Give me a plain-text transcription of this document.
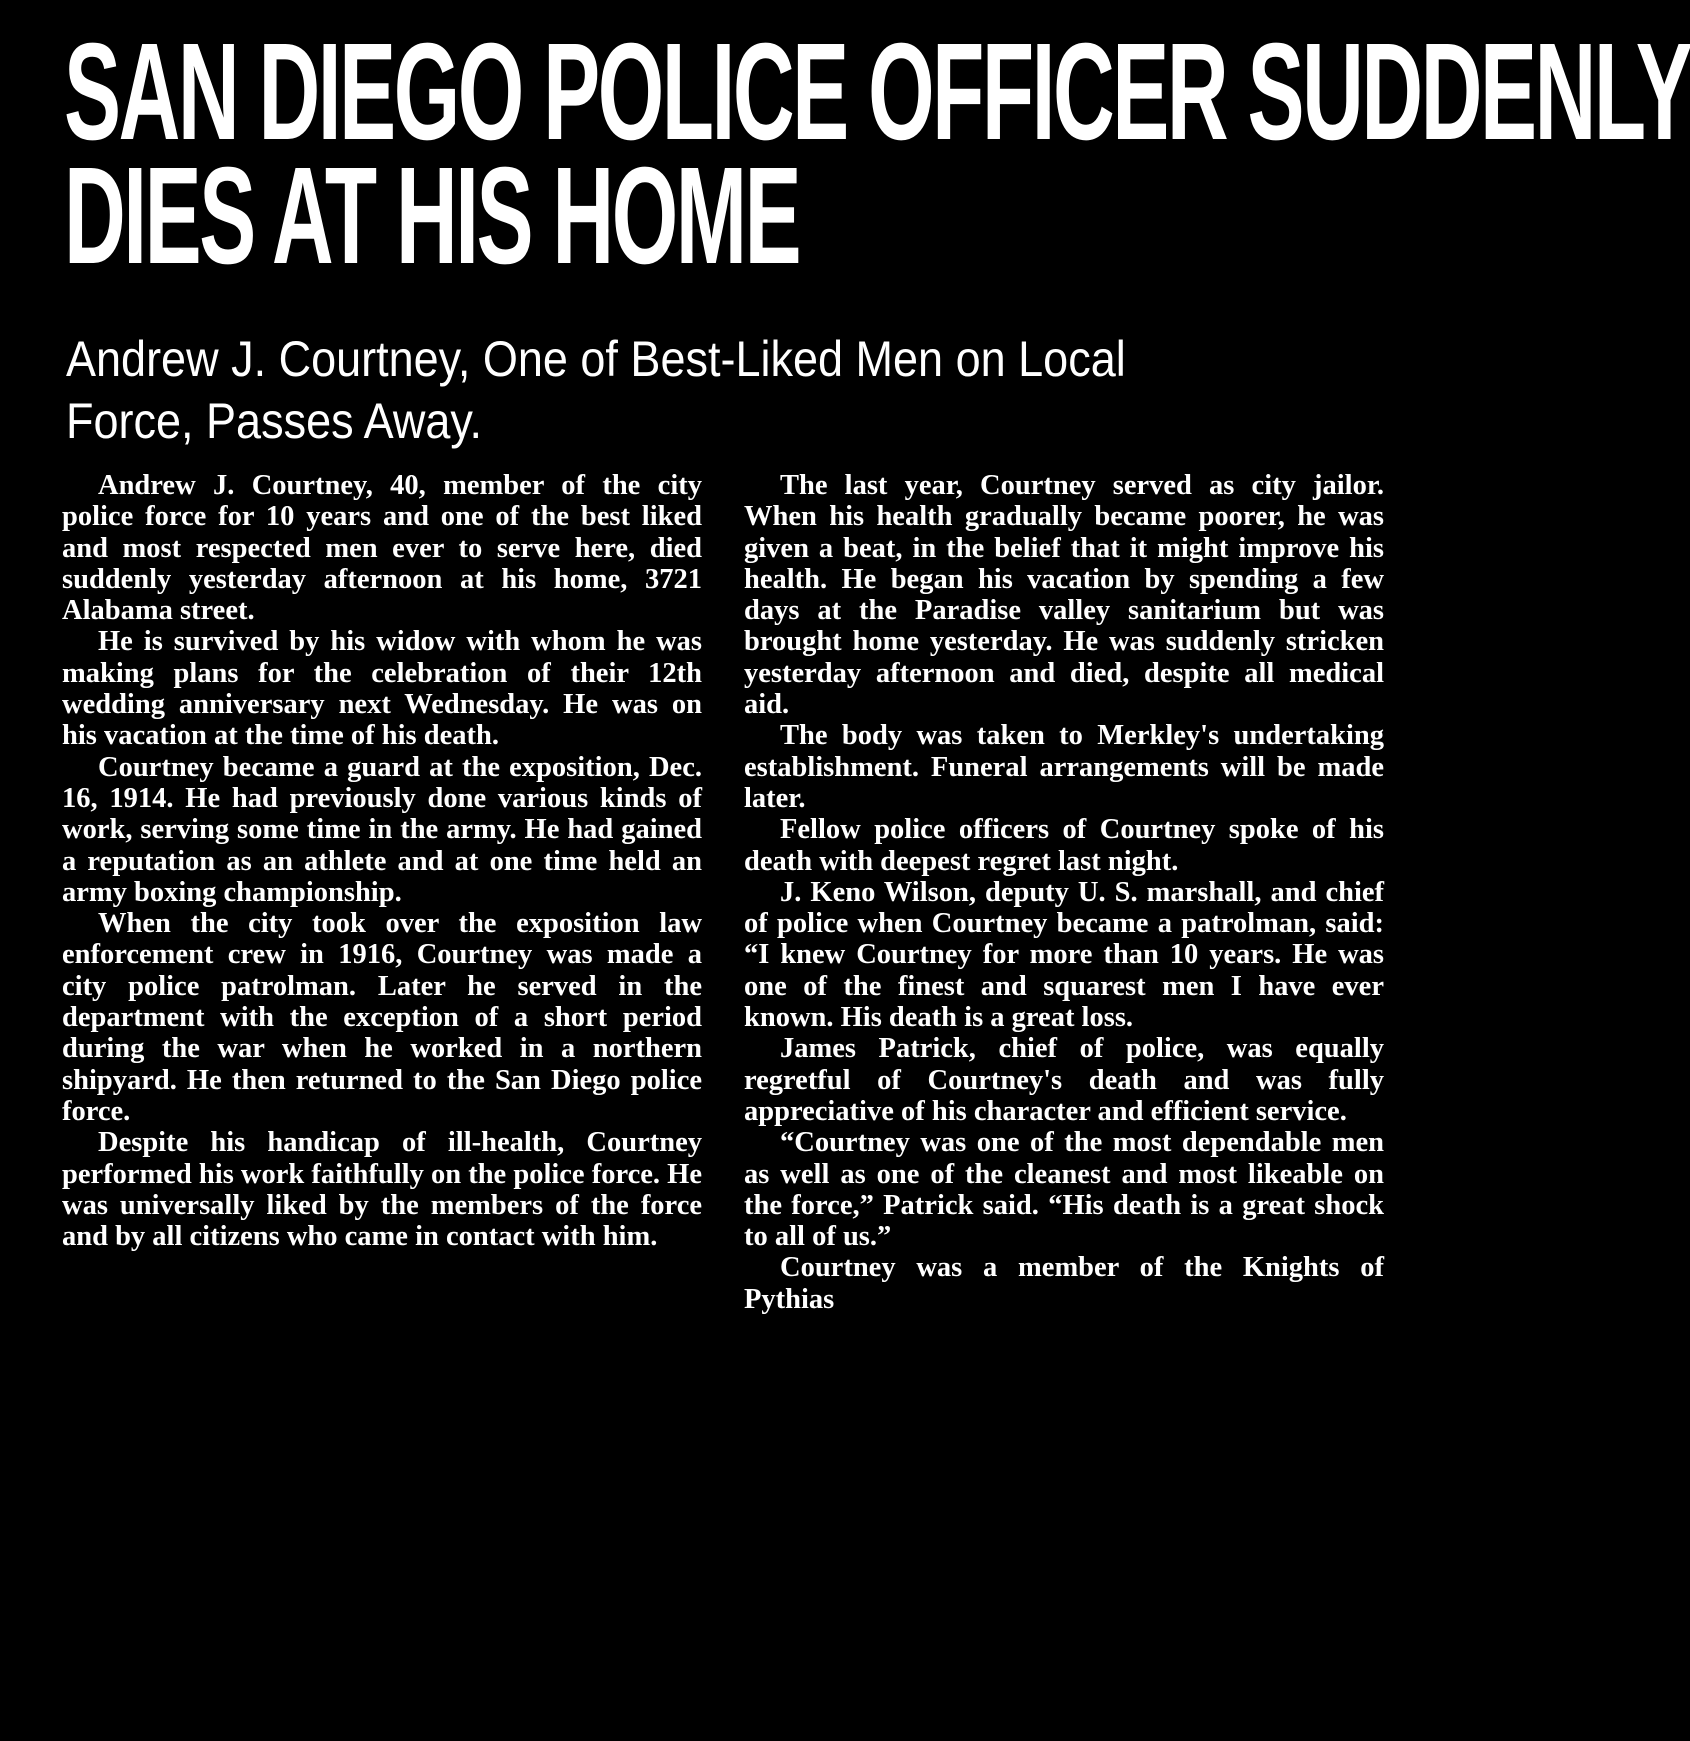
SAN DIEGO POLICE OFFICER SUDDENLY
DIES AT HIS HOME
Andrew J. Courtney, One of Best-Liked Men on Local
Force, Passes Away.

Andrew J. Courtney, 40, member of the city police force for 10 years and one of the best liked and most respected men ever to serve here, died suddenly yesterday afternoon at his home, 3721 Alabama street.

He is survived by his widow with whom he was making plans for the celebration of their 12th wedding anniversary next Wednesday. He was on his vacation at the time of his death.

Courtney became a guard at the exposition, Dec. 16, 1914. He had previously done various kinds of work, serving some time in the army. He had gained a reputation as an athlete and at one time held an army boxing championship.

When the city took over the exposition law enforcement crew in 1916, Courtney was made a city police patrolman. Later he served in the department with the exception of a short period during the war when he worked in a northern shipyard. He then returned to the San Diego police force.

Despite his handicap of ill-health, Courtney performed his work faithfully on the police force. He was universally liked by the members of the force and by all citizens who came in contact with him.

The last year, Courtney served as city jailor. When his health gradually became poorer, he was given a beat, in the belief that it might improve his health. He began his vacation by spending a few days at the Paradise valley sanitarium but was brought home yesterday. He was suddenly stricken yesterday afternoon and died, despite all medical aid.

The body was taken to Merkley's undertaking establishment. Funeral arrangements will be made later.

Fellow police officers of Courtney spoke of his death with deepest regret last night.

J. Keno Wilson, deputy U. S. marshall, and chief of police when Courtney became a patrolman, said: “I knew Courtney for more than 10 years. He was one of the finest and squarest men I have ever known. His death is a great loss.

James Patrick, chief of police, was equally regretful of Courtney's death and was fully appreciative of his character and efficient service.

“Courtney was one of the most dependable men as well as one of the cleanest and most likeable on the force,” Patrick said. “His death is a great shock to all of us.”

Courtney was a member of the Knights of Pythias
